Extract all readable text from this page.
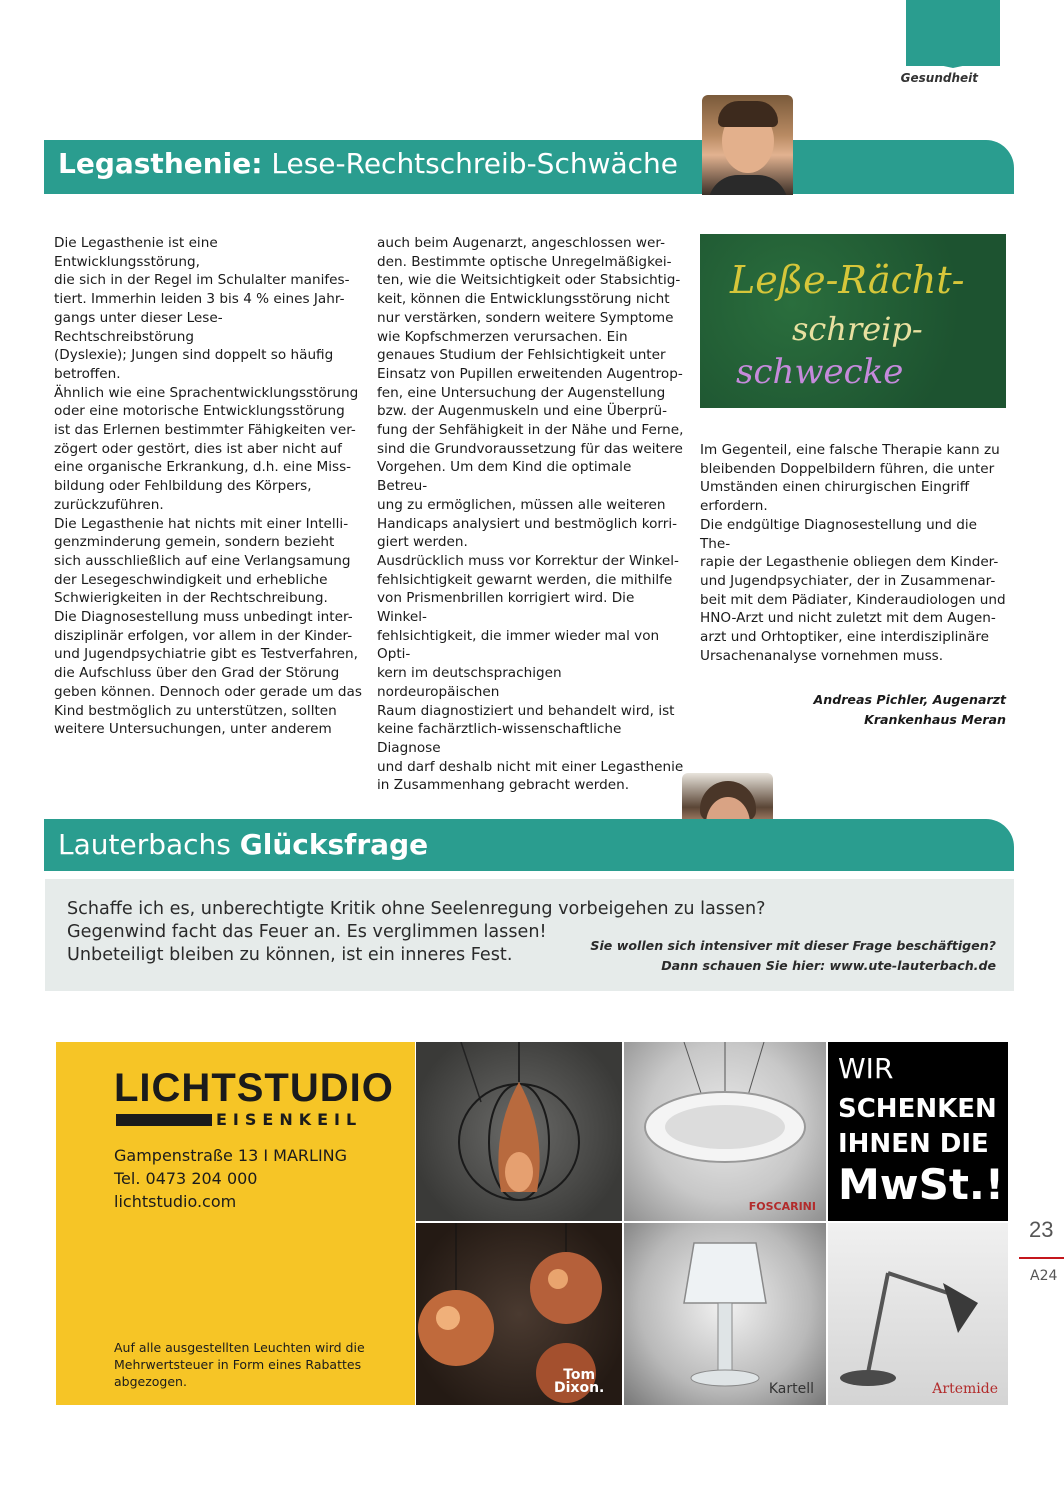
Gesundheit
Legasthenie: Lese-Rechtschreib-Schwäche
Die Legasthenie ist eine Entwicklungsstörung,
die sich in der Regel im Schulalter manifes-
tiert. Immerhin leiden 3 bis 4 % eines Jahr-
gangs unter dieser Lese-Rechtschreibstörung
(Dyslexie); Jungen sind doppelt so häufig
betroffen.
Ähnlich wie eine Sprachentwicklungsstörung
oder eine motorische Entwicklungsstörung
ist das Erlernen bestimmter Fähigkeiten ver-
zögert oder gestört, dies ist aber nicht auf
eine organische Erkrankung, d.h. eine Miss-
bildung oder Fehlbildung des Körpers,
zurückzuführen.
Die Legasthenie hat nichts mit einer Intelli-
genzminderung gemein, sondern bezieht
sich ausschließlich auf eine Verlangsamung
der Lesegeschwindigkeit und erhebliche
Schwierigkeiten in der Rechtschreibung.
Die Diagnosestellung muss unbedingt inter-
disziplinär erfolgen, vor allem in der Kinder-
und Jugendpsychiatrie gibt es Testverfahren,
die Aufschluss über den Grad der Störung
geben können. Dennoch oder gerade um das
Kind bestmöglich zu unterstützen, sollten
weitere Untersuchungen, unter anderem
auch beim Augenarzt, angeschlossen wer-
den. Bestimmte optische Unregelmäßigkei-
ten, wie die Weitsichtigkeit oder Stabsichtig-
keit, können die Entwicklungsstörung nicht
nur verstärken, sondern weitere Symptome
wie Kopfschmerzen verursachen. Ein
genaues Studium der Fehlsichtigkeit unter
Einsatz von Pupillen erweitenden Augentrop-
fen, eine Untersuchung der Augenstellung
bzw. der Augenmuskeln und eine Überprü-
fung der Sehfähigkeit in der Nähe und Ferne,
sind die Grundvoraussetzung für das weitere
Vorgehen. Um dem Kind die optimale Betreu-
ung zu ermöglichen, müssen alle weiteren
Handicaps analysiert und bestmöglich korri-
giert werden.
Ausdrücklich muss vor Korrektur der Winkel-
fehlsichtigkeit gewarnt werden, die mithilfe
von Prismenbrillen korrigiert wird. Die Winkel-
fehlsichtigkeit, die immer wieder mal von Opti-
kern im deutschsprachigen nordeuropäischen
Raum diagnostiziert und behandelt wird, ist
keine fachärztlich-wissenschaftliche Diagnose
und darf deshalb nicht mit einer Legasthenie
in Zusammenhang gebracht werden.
Leße-Rächt-
schreip-
schwecke
Im Gegenteil, eine falsche Therapie kann zu
bleibenden Doppelbildern führen, die unter
Umständen einen chirurgischen Eingriff
erfordern.
Die endgültige Diagnosestellung und die The-
rapie der Legasthenie obliegen dem Kinder-
und Jugendpsychiater, der in Zusammenar-
beit mit dem Pädiater, Kinderaudiologen und
HNO-Arzt und nicht zuletzt mit dem Augen-
arzt und Orhtoptiker, eine interdisziplinäre
Ursachenanalyse vornehmen muss.
Andreas Pichler, Augenarzt
Krankenhaus Meran
Lauterbachs Glücksfrage
Schaffe ich es, unberechtigte Kritik ohne Seelenregung vorbeigehen zu lassen?
Gegenwind facht das Feuer an. Es verglimmen lassen!
Unbeteiligt bleiben zu können, ist ein inneres Fest.	Sie wollen sich intensiver mit dieser Frage beschäftigen?
Dann schauen Sie hier: www.ute-lauterbach.de
LICHTSTUDIO
EISENKEIL
Gampenstraße 13 I MARLING
Tel. 0473 204 000
lichtstudio.com
Auf alle ausgestellten Leuchten wird die Mehrwertsteuer in Form eines Rabattes abgezogen.
FOSCARINI
WIR
SCHENKEN
IHNEN DIE
MwSt.!
Tom
Dixon.	Kartell	Artemide
23
A24
